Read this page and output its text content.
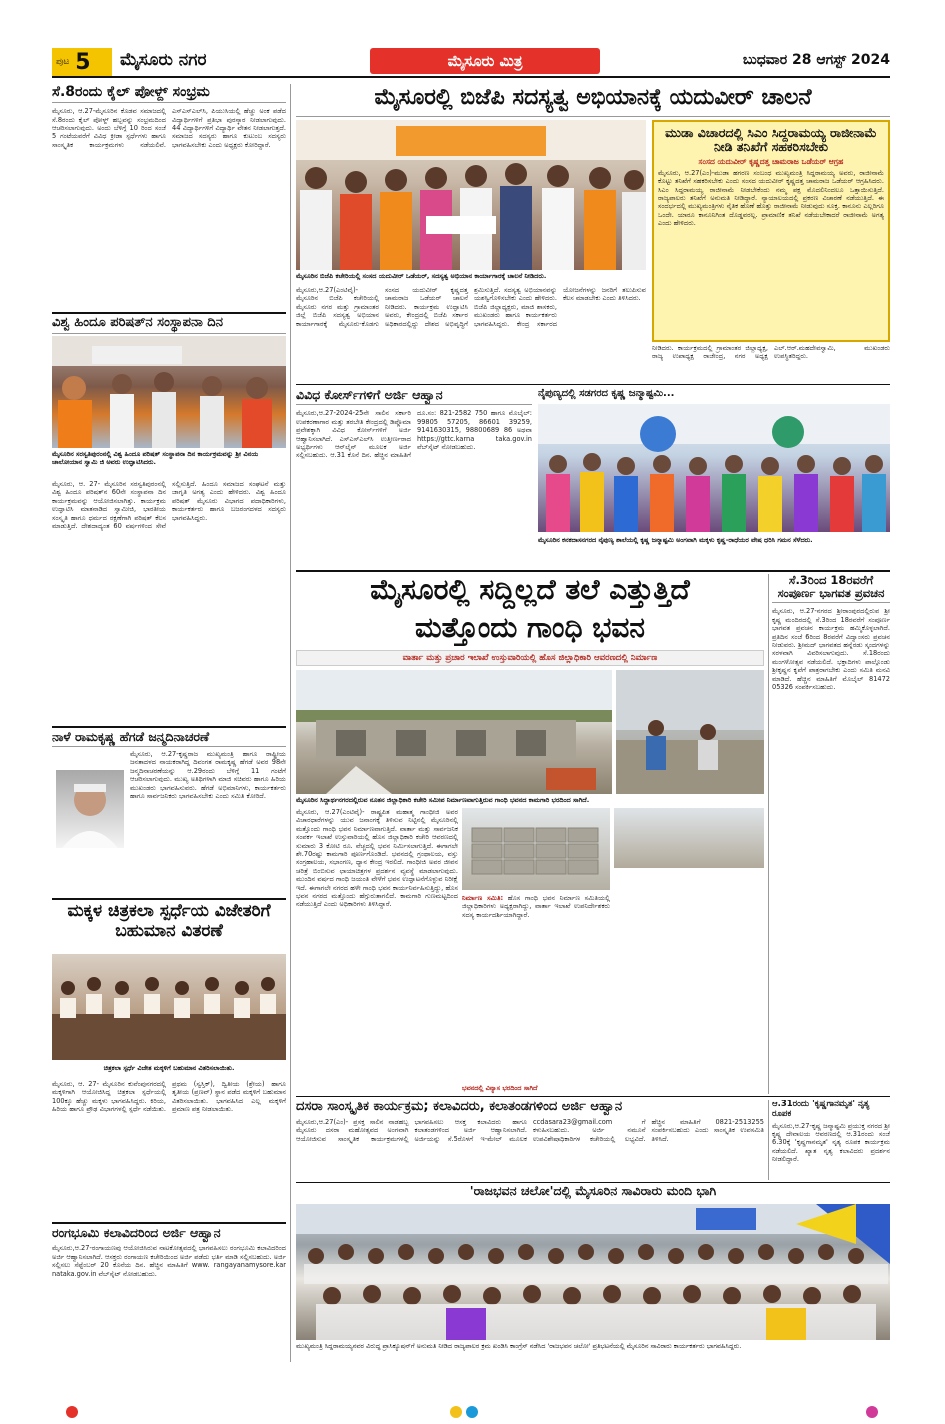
ಪುಟ 5 ಮೈಸೂರು ನಗರ	ಮೈಸೂರು ಮಿತ್ರ	ಬುಧವಾರ 28 ಆಗಸ್ಟ್ 2024
ಸೆ.8ರಂದು ಕೈಲ್ ಪೋಳ್ದ್ ಸಂಭ್ರಮ
ಮೈಸೂರು, ಆ.27-ಮೈಸೂರಿನ ಕೊಡವ ಸಮಾಜದಲ್ಲಿ ಸೆ.8ರಂದು ಕೈಲ್ ಪೋಳ್ದ್ ಹಬ್ಬವನ್ನು ಸಂಭ್ರಮದಿಂದ ಆಚರಿಸಲಾಗುವುದು. ಅಂದು ಬೆಳಿಗ್ಗೆ 10 ರಿಂದ ಸಂಜೆ 5 ಗಂಟೆಯವರೆಗೆ ವಿವಿಧ ಕ್ರೀಡಾ ಸ್ಪರ್ಧೆಗಳು ಹಾಗೂ ಸಾಂಸ್ಕೃತಿಕ ಕಾರ್ಯಕ್ರಮಗಳು ನಡೆಯಲಿವೆ. ಎಸ್ಎಸ್ಎಲ್‌ಸಿ, ಪಿಯುಸಿಯಲ್ಲಿ ಹೆಚ್ಚು ಅಂಕ ಪಡೆದ ವಿದ್ಯಾರ್ಥಿಗಳಿಗೆ ಪ್ರತಿಭಾ ಪುರಸ್ಕಾರ ನೀಡಲಾಗುವುದು. 44 ವಿದ್ಯಾರ್ಥಿಗಳಿಗೆ ವಿದ್ಯಾರ್ಥಿ ವೇತನ ನೀಡಲಾಗುತ್ತದೆ. ಸಮಾಜದ ಸದಸ್ಯರು ಹಾಗೂ ಕುಟುಂಬ ಸದಸ್ಯರು ಭಾಗವಹಿಸಬೇಕು ಎಂದು ಅಧ್ಯಕ್ಷರು ಕೋರಿದ್ದಾರೆ.
ವಿಶ್ವ ಹಿಂದೂ ಪರಿಷತ್‌ನ ಸಂಸ್ಥಾಪನಾ ದಿನ
ಮೈಸೂರಿನ ಸರಸ್ವತಿಪುರಂನಲ್ಲಿ ವಿಶ್ವ ಹಿಂದೂ ಪರಿಷತ್ ಸಂಸ್ಥಾಪನಾ ದಿನ ಕಾರ್ಯಕ್ರಮವನ್ನು ಶ್ರೀ ವಿನಯ ಚಾಲೋಯಾನ ಸ್ವಾಮಿ ಜಿ ಅವರು ಉದ್ಘಾಟಿಸಿದರು.
ಮೈಸೂರು, ಆ. 27- ಮೈಸೂರಿನ ಸರಸ್ವತಿಪುರಂನಲ್ಲಿ ವಿಶ್ವ ಹಿಂದೂ ಪರಿಷತ್‌ನ 60ನೇ ಸಂಸ್ಥಾಪನಾ ದಿನ ಕಾರ್ಯಕ್ರಮವನ್ನು ಆಯೋಜಿಸಲಾಗಿತ್ತು. ಕಾರ್ಯಕ್ರಮ ಉದ್ಘಾಟಿಸಿ ಮಾತನಾಡಿದ ಸ್ವಾಮೀಜಿ, ಭಾರತೀಯ ಸಂಸ್ಕೃತಿ ಹಾಗೂ ಧರ್ಮದ ರಕ್ಷಣೆಗಾಗಿ ಪರಿಷತ್ ಕೆಲಸ ಮಾಡುತ್ತಿದೆ. ದೇಶದಾದ್ಯಂತ 60 ವರ್ಷಗಳಿಂದ ಸೇವೆ ಸಲ್ಲಿಸುತ್ತಿದೆ. ಹಿಂದೂ ಸಮಾಜದ ಸಂಘಟನೆ ಮತ್ತು ಜಾಗೃತಿ ಅಗತ್ಯ ಎಂದು ಹೇಳಿದರು. ವಿಶ್ವ ಹಿಂದೂ ಪರಿಷತ್ ಮೈಸೂರು ವಿಭಾಗದ ಪದಾಧಿಕಾರಿಗಳು, ಕಾರ್ಯಕರ್ತರು ಹಾಗೂ ಬಜರಂಗದಳದ ಸದಸ್ಯರು ಭಾಗವಹಿಸಿದ್ದರು.
ನಾಳೆ ರಾಮಕೃಷ್ಣ ಹೆಗಡೆ ಜನ್ಮದಿನಾಚರಣೆ
ಮೈಸೂರು, ಆ.27-ಕೃಷ್ಣರಾಜ ಮುಖ್ಯಮಂತ್ರಿ ಹಾಗೂ ರಾಷ್ಟ್ರೀಯ ಜನತಾದಳದ ನಾಯಕರಾಗಿದ್ದ ದಿವಂಗತ ರಾಮಕೃಷ್ಣ ಹೆಗಡೆ ಅವರ 98ನೇ ಜನ್ಮದಿನಾಚರಣೆಯನ್ನು ಆ.29ರಂದು ಬೆಳಿಗ್ಗೆ 11 ಗಂಟೆಗೆ ಆಚರಿಸಲಾಗುವುದು. ಮುಖ್ಯ ಅತಿಥಿಗಳಾಗಿ ಮಾಜಿ ಸಚಿವರು ಹಾಗೂ ಹಿರಿಯ ಮುಖಂಡರು ಭಾಗವಹಿಸುವರು. ಹೆಗಡೆ ಅಭಿಮಾನಿಗಳು, ಕಾರ್ಯಕರ್ತರು ಹಾಗೂ ಸಾರ್ವಜನಿಕರು ಭಾಗವಹಿಸಬೇಕು ಎಂದು ಸಮಿತಿ ಕೋರಿದೆ.
ಮಕ್ಕಳ ಚಿತ್ರಕಲಾ ಸ್ಪರ್ಧೆಯ ವಿಜೇತರಿಗೆ ಬಹುಮಾನ ವಿತರಣೆ
ಚಿತ್ರಕಲಾ ಸ್ಪರ್ಧೆ ವಿಜೇತ ಮಕ್ಕಳಿಗೆ ಬಹುಮಾನ ವಿತರಿಸಲಾಯಿತು.
ಮೈಸೂರು, ಆ. 27- ಮೈಸೂರಿನ ಕುವೆಂಪುನಗರದಲ್ಲಿ ಮಕ್ಕಳಿಗಾಗಿ ಆಯೋಜಿಸಿದ್ದ ಚಿತ್ರಕಲಾ ಸ್ಪರ್ಧೆಯಲ್ಲಿ 100ಕ್ಕೂ ಹೆಚ್ಚು ಮಕ್ಕಳು ಭಾಗವಹಿಸಿದ್ದರು. ಕಿರಿಯ, ಹಿರಿಯ ಹಾಗೂ ಪ್ರೌಢ ವಿಭಾಗಗಳಲ್ಲಿ ಸ್ಪರ್ಧೆ ನಡೆಯಿತು. ಪ್ರಥಮ (ಸ್ವಸ್ತಿಕ್), ದ್ವಿತೀಯ (ಶ್ರೇಯ) ಹಾಗೂ ತೃತೀಯ (ಪ್ರಣವ್) ಸ್ಥಾನ ಪಡೆದ ಮಕ್ಕಳಿಗೆ ಬಹುಮಾನ ವಿತರಿಸಲಾಯಿತು. ಭಾಗವಹಿಸಿದ ಎಲ್ಲ ಮಕ್ಕಳಿಗೆ ಪ್ರಮಾಣ ಪತ್ರ ನೀಡಲಾಯಿತು.
ರಂಗಭೂಮಿ ಕಲಾವಿದರಿಂದ ಅರ್ಜಿ ಆಹ್ವಾನ
ಮೈಸೂರು,ಆ.27-ರಂಗಾಯಣವು ಆಯೋಜಿಸಿರುವ ನಾಟಕೋತ್ಸವದಲ್ಲಿ ಭಾಗವಹಿಸಲು ರಂಗಭೂಮಿ ಕಲಾವಿದರಿಂದ ಅರ್ಜಿ ಆಹ್ವಾನಿಸಲಾಗಿದೆ. ಆಸಕ್ತರು ರಂಗಾಯಣ ಕಚೇರಿಯಿಂದ ಅರ್ಜಿ ಪಡೆದು ಭರ್ತಿ ಮಾಡಿ ಸಲ್ಲಿಸಬಹುದು. ಅರ್ಜಿ ಸಲ್ಲಿಸಲು ಸೆಪ್ಟೆಂಬರ್ 20 ಕೊನೆಯ ದಿನ. ಹೆಚ್ಚಿನ ಮಾಹಿತಿಗೆ www. rangayanamysore.kar nataka.gov.in ವೆಬ್‌ಸೈಟ್ ನೋಡಬಹುದು.
ಮೈಸೂರಲ್ಲಿ ಬಿಜೆಪಿ ಸದಸ್ಯತ್ವ ಅಭಿಯಾನಕ್ಕೆ ಯದುವೀರ್ ಚಾಲನೆ
ಮೈಸೂರಿನ ಬಿಜೆಪಿ ಕಚೇರಿಯಲ್ಲಿ ಸಂಸದ ಯದುವೀರ್ ಒಡೆಯರ್, ಸದಸ್ಯತ್ವ ಅಭಿಯಾನ ಕಾರ್ಯಾಗಾರಕ್ಕೆ ಚಾಲನೆ ನೀಡಿದರು.
ಮೈಸೂರು,ಆ.27(ಎಂಟಿವೈ)-ಮೈಸೂರಿನ ಬಿಜೆಪಿ ಕಚೇರಿಯಲ್ಲಿ ಮೈಸೂರು ನಗರ ಮತ್ತು ಗ್ರಾಮಾಂತರ ಜಿಲ್ಲೆ ಬಿಜೆಪಿ ಸದಸ್ಯತ್ವ ಅಭಿಯಾನ ಕಾರ್ಯಾಗಾರಕ್ಕೆ ಮೈಸೂರು-ಕೊಡಗು ಸಂಸದ ಯದುವೀರ್ ಕೃಷ್ಣದತ್ತ ಚಾಮರಾಜ ಒಡೆಯರ್ ಚಾಲನೆ ನೀಡಿದರು. ಕಾರ್ಯಕ್ರಮ ಉದ್ಘಾಟಿಸಿ ಅವರು, ಕೇಂದ್ರದಲ್ಲಿ ಬಿಜೆಪಿ ಸರ್ಕಾರ ಅಧಿಕಾರದಲ್ಲಿದ್ದು ದೇಶದ ಅಭಿವೃದ್ಧಿಗೆ ಶ್ರಮಿಸುತ್ತಿದೆ. ಸದಸ್ಯತ್ವ ಅಭಿಯಾನವನ್ನು ಯಶಸ್ವಿಗೊಳಿಸಬೇಕು ಎಂದು ಹೇಳಿದರು. ಬಿಜೆಪಿ ಜಿಲ್ಲಾಧ್ಯಕ್ಷರು, ಮಾಜಿ ಶಾಸಕರು, ಮುಖಂಡರು ಹಾಗೂ ಕಾರ್ಯಕರ್ತರು ಭಾಗವಹಿಸಿದ್ದರು. ಕೇಂದ್ರ ಸರ್ಕಾರದ ಯೋಜನೆಗಳನ್ನು ಜನರಿಗೆ ತಲುಪಿಸುವ ಕೆಲಸ ಮಾಡಬೇಕು ಎಂದು ತಿಳಿಸಿದರು.
ಮುಡಾ ವಿಚಾರದಲ್ಲಿ ಸಿಎಂ ಸಿದ್ದರಾಮಯ್ಯ ರಾಜೀನಾಮೆ ನೀಡಿ ತನಿಖೆಗೆ ಸಹಕರಿಸಬೇಕು
ಸಂಸದ ಯದುವೀರ್ ಕೃಷ್ಣದತ್ತ ಚಾಮರಾಜ ಒಡೆಯರ್ ಆಗ್ರಹ
ಮೈಸೂರು, ಆ.27(ಎಂ)-ಮುಡಾ ಹಗರಣ ಸಂಬಂಧ ಮುಖ್ಯಮಂತ್ರಿ ಸಿದ್ದರಾಮಯ್ಯ ಅವರು, ರಾಜೀನಾಮೆ ಕೊಟ್ಟು ತನಿಖೆಗೆ ಸಹಕರಿಸಬೇಕು ಎಂದು ಸಂಸದ ಯದುವೀರ್ ಕೃಷ್ಣದತ್ತ ಚಾಮರಾಜ ಒಡೆಯರ್ ಆಗ್ರಹಿಸಿದರು. ಸಿಎಂ ಸಿದ್ದರಾಮಯ್ಯ ರಾಜೀನಾಮೆ ನೀಡಬೇಕೆಂದು ನಮ್ಮ ಪಕ್ಷ ಮೊದಲಿನಿಂದಲೂ ಒತ್ತಾಯಿಸುತ್ತಿದೆ. ರಾಜ್ಯಪಾಲರು ತನಿಖೆಗೆ ಅನುಮತಿ ನೀಡಿದ್ದಾರೆ. ನ್ಯಾಯಾಲಯದಲ್ಲಿ ಪ್ರಕರಣ ವಿಚಾರಣೆ ನಡೆಯುತ್ತಿದೆ. ಈ ಸಂದರ್ಭದಲ್ಲಿ ಮುಖ್ಯಮಂತ್ರಿಗಳು ನೈತಿಕ ಹೊಣೆ ಹೊತ್ತು ರಾಜೀನಾಮೆ ನೀಡುವುದು ಸೂಕ್ತ. ಕಾನೂನು ಎಲ್ಲರಿಗೂ ಒಂದೇ. ಯಾರೂ ಕಾನೂನಿಗಿಂತ ದೊಡ್ಡವರಲ್ಲ. ಪ್ರಾಮಾಣಿಕ ತನಿಖೆ ನಡೆಯಬೇಕಾದರೆ ರಾಜೀನಾಮೆ ಅಗತ್ಯ ಎಂದು ಹೇಳಿದರು.
ನೀಡಿದರು. ಕಾರ್ಯಕ್ರಮದಲ್ಲಿ ಗ್ರಾಮಾಂತರ ಜಿಲ್ಲಾಧ್ಯಕ್ಷ, ರಾಜ್ಯ ಉಪಾಧ್ಯಕ್ಷ ರಾಜೇಂದ್ರ, ನಗರ ಅಧ್ಯಕ್ಷ ಎಲ್.ಆರ್.ಮಹದೇವಸ್ವಾಮಿ, ಮುಖಂಡರು ಉಪಸ್ಥಿತರಿದ್ದರು.
ವಿವಿಧ ಕೋರ್ಸ್‌ಗಳಿಗೆ ಅರ್ಜಿ ಆಹ್ವಾನ
ಮೈಸೂರು,ಆ.27-2024-25ನೇ ಸಾಲಿನ ಸರ್ಕಾರಿ ಉಪಕರಣಾಗಾರ ಮತ್ತು ತರಬೇತಿ ಕೇಂದ್ರದಲ್ಲಿ ಡಿಪ್ಲೊಮಾ ಪ್ರವೇಶಕ್ಕಾಗಿ ವಿವಿಧ ಕೋರ್ಸ್‌ಗಳಿಗೆ ಅರ್ಜಿ ಆಹ್ವಾನಿಸಲಾಗಿದೆ. ಎಸ್ಎಸ್ಎಲ್‌ಸಿ ಉತ್ತೀರ್ಣರಾದ ಅಭ್ಯರ್ಥಿಗಳು ಆನ್‌ಲೈನ್ ಮೂಲಕ ಅರ್ಜಿ ಸಲ್ಲಿಸಬಹುದು. ಆ.31 ಕೊನೆ ದಿನ. ಹೆಚ್ಚಿನ ಮಾಹಿತಿಗೆ ದೂ.ಸಂ: 821-2582 750 ಹಾಗೂ ಮೊಬೈಲ್: 99805 57205, 86601 39259, 9141630315, 98800689 86 ಅಥವಾ https://gttc.karna taka.gov.in ವೆಬ್‌ಸೈಟ್ ನೋಡಬಹುದು.
ನೈಪುಣ್ಯದಲ್ಲಿ ಸಡಗರದ ಕೃಷ್ಣ ಜನ್ಮಾಷ್ಟಮಿ...
ಮೈಸೂರಿನ ಕನಕದಾಸನಗರದ ನೈಪುಣ್ಯ ಶಾಲೆಯಲ್ಲಿ ಕೃಷ್ಣ ಜನ್ಮಾಷ್ಟಮಿ ಅಂಗವಾಗಿ ಮಕ್ಕಳು ಕೃಷ್ಣ-ರಾಧೆಯರ ವೇಷ ಧರಿಸಿ ಗಮನ ಸೆಳೆದರು.
ಮೈಸೂರಲ್ಲಿ ಸದ್ದಿಲ್ಲದೆ ತಲೆ ಎತ್ತುತ್ತಿದೆ
ಮತ್ತೊಂದು ಗಾಂಧಿ ಭವನ
ವಾರ್ತಾ ಮತ್ತು ಪ್ರಚಾರ ಇಲಾಖೆ ಉಸ್ತುವಾರಿಯಲ್ಲಿ ಹೊಸ ಜಿಲ್ಲಾಧಿಕಾರಿ ಆವರಣದಲ್ಲಿ ನಿರ್ಮಾಣ
ಮೈಸೂರಿನ ಸಿದ್ದಾರ್ಥನಗರದಲ್ಲಿರುವ ನೂತನ ಜಿಲ್ಲಾಧಿಕಾರಿ ಕಚೇರಿ ಸಮೀಪ ನಿರ್ಮಾಣವಾಗುತ್ತಿರುವ ಗಾಂಧಿ ಭವನದ ಕಾಮಗಾರಿ ಭರದಿಂದ ಸಾಗಿದೆ.

ಮೈಸೂರು, ಆ.27(ಎಂಟಿವೈ)- ರಾಷ್ಟ್ರಪಿತ ಮಹಾತ್ಮ ಗಾಂಧೀಜಿ ಅವರ ವಿಚಾರಧಾರೆಗಳನ್ನು ಯುವ ಜನಾಂಗಕ್ಕೆ ತಿಳಿಸುವ ನಿಟ್ಟಿನಲ್ಲಿ ಮೈಸೂರಿನಲ್ಲಿ ಮತ್ತೊಂದು ಗಾಂಧಿ ಭವನ ನಿರ್ಮಾಣವಾಗುತ್ತಿದೆ. ವಾರ್ತಾ ಮತ್ತು ಸಾರ್ವಜನಿಕ ಸಂಪರ್ಕ ಇಲಾಖೆ ಉಸ್ತುವಾರಿಯಲ್ಲಿ ಹೊಸ ಜಿಲ್ಲಾಧಿಕಾರಿ ಕಚೇರಿ ಆವರಣದಲ್ಲಿ ಸುಮಾರು 3 ಕೋಟಿ ರೂ. ವೆಚ್ಚದಲ್ಲಿ ಭವನ ನಿರ್ಮಿಸಲಾಗುತ್ತಿದೆ. ಈಗಾಗಲೇ ಶೇ.70ರಷ್ಟು ಕಾಮಗಾರಿ ಪೂರ್ಣಗೊಂಡಿದೆ. ಭವನದಲ್ಲಿ ಗ್ರಂಥಾಲಯ, ವಸ್ತು ಸಂಗ್ರಹಾಲಯ, ಸಭಾಂಗಣ, ಧ್ಯಾನ ಕೇಂದ್ರ ಇರಲಿದೆ. ಗಾಂಧೀಜಿ ಅವರ ಜೀವನ ಚರಿತ್ರೆ ಬಿಂಬಿಸುವ ಛಾಯಾಚಿತ್ರಗಳ ಪ್ರದರ್ಶನ ವ್ಯವಸ್ಥೆ ಮಾಡಲಾಗುವುದು. ಮುಂದಿನ ವರ್ಷದ ಗಾಂಧಿ ಜಯಂತಿ ವೇಳೆಗೆ ಭವನ ಉದ್ಘಾಟನೆಗೊಳ್ಳುವ ನಿರೀಕ್ಷೆ ಇದೆ. ಈಗಾಗಲೇ ನಗರದ ಹಳೇ ಗಾಂಧಿ ಭವನ ಕಾರ್ಯನಿರ್ವಹಿಸುತ್ತಿದ್ದು, ಹೊಸ ಭವನ ನಗರದ ಮತ್ತೊಂದು ಹೆಗ್ಗುರುತಾಗಲಿದೆ. ಕಾಮಗಾರಿ ಗುಣಮಟ್ಟದಿಂದ ನಡೆಯುತ್ತಿದೆ ಎಂದು ಅಧಿಕಾರಿಗಳು ತಿಳಿಸಿದ್ದಾರೆ.

ನಿರ್ಮಾಣ ಸಮಿತಿ: ಹೊಸ ಗಾಂಧಿ ಭವನ ನಿರ್ಮಾಣ ಸಮಿತಿಯಲ್ಲಿ ಜಿಲ್ಲಾಧಿಕಾರಿಗಳು ಅಧ್ಯಕ್ಷರಾಗಿದ್ದು, ವಾರ್ತಾ ಇಲಾಖೆ ಉಪನಿರ್ದೇಶಕರು ಸದಸ್ಯ ಕಾರ್ಯದರ್ಶಿಯಾಗಿದ್ದಾರೆ.
ಭವನದಲ್ಲಿ ವಿನ್ಯಾಸ ಭರದಿಂದ ಸಾಗಿದೆ
ಸೆ.3ರಿಂದ 18ರವರೆಗೆ ಸಂಪೂರ್ಣ ಭಾಗವತ ಪ್ರವಚನ
ಮೈಸೂರು, ಆ.27-ನಗರದ ಶ್ರೀರಾಂಪುರದಲ್ಲಿರುವ ಶ್ರೀ ಕೃಷ್ಣ ಮಂದಿರದಲ್ಲಿ ಸೆ.3ರಿಂದ 18ರವರೆಗೆ ಸಂಪೂರ್ಣ ಭಾಗವತ ಪ್ರವಚನ ಕಾರ್ಯಕ್ರಮ ಹಮ್ಮಿಕೊಳ್ಳಲಾಗಿದೆ. ಪ್ರತಿದಿನ ಸಂಜೆ 6ರಿಂದ 8ರವರೆಗೆ ವಿದ್ವಾಂಸರು ಪ್ರವಚನ ನೀಡುವರು. ಶ್ರೀಮದ್ ಭಾಗವತದ ಹನ್ನೆರಡು ಸ್ಕಂದಗಳನ್ನು ಸರಳವಾಗಿ ವಿವರಿಸಲಾಗುವುದು. ಸೆ.18ರಂದು ಮಂಗಳೋತ್ಸವ ನಡೆಯಲಿದೆ. ಭಕ್ತಾದಿಗಳು ಪಾಲ್ಗೊಂಡು ಶ್ರೀಕೃಷ್ಣನ ಕೃಪೆಗೆ ಪಾತ್ರರಾಗಬೇಕು ಎಂದು ಸಮಿತಿ ಮನವಿ ಮಾಡಿದೆ. ಹೆಚ್ಚಿನ ಮಾಹಿತಿಗೆ ಮೊಬೈಲ್ 81472 05326 ಸಂಪರ್ಕಿಸಬಹುದು.
ದಸರಾ ಸಾಂಸ್ಕೃತಿಕ ಕಾರ್ಯಕ್ರಮ; ಕಲಾವಿದರು, ಕಲಾತಂಡಗಳಿಂದ ಅರ್ಜಿ ಆಹ್ವಾನ
ಮೈಸೂರು,ಆ.27(ಎಂ)- ಪ್ರಸಕ್ತ ಸಾಲಿನ ನಾಡಹಬ್ಬ ಮೈಸೂರು ದಸರಾ ಮಹೋತ್ಸವದ ಅಂಗವಾಗಿ ಆಯೋಜಿಸುವ ಸಾಂಸ್ಕೃತಿಕ ಕಾರ್ಯಕ್ರಮಗಳಲ್ಲಿ ಭಾಗವಹಿಸಲು ಆಸಕ್ತ ಕಲಾವಿದರು ಹಾಗೂ ಕಲಾತಂಡಗಳಿಂದ ಅರ್ಜಿ ಆಹ್ವಾನಿಸಲಾಗಿದೆ. ಅರ್ಜಿಯನ್ನು ಸೆ.5ರೊಳಗೆ ಇ-ಮೇಲ್ ಮೂಲಕ ccdasara23@gmail.com ಗೆ ಕಳುಹಿಸಬಹುದು. ಅರ್ಜಿ ನಮೂನೆ ಉಪವಿಶೇಷಾಧಿಕಾರಿಗಳ ಕಚೇರಿಯಲ್ಲಿ ಲಭ್ಯವಿದೆ. ಹೆಚ್ಚಿನ ಮಾಹಿತಿಗೆ 0821-2513255 ಸಂಪರ್ಕಿಸಬಹುದು ಎಂದು ಸಾಂಸ್ಕೃತಿಕ ಉಪಸಮಿತಿ ತಿಳಿಸಿದೆ.
ಆ.31ರಂದು 'ಕೃಷ್ಣಗಾನಮೃತ' ನೃತ್ಯ ರೂಪಕ
ಮೈಸೂರು,ಆ.27-ಕೃಷ್ಣ ಜನ್ಮಾಷ್ಟಮಿ ಪ್ರಯುಕ್ತ ನಗರದ ಶ್ರೀ ಕೃಷ್ಣ ದೇವಾಲಯ ಆವರಣದಲ್ಲಿ ಆ.31ರಂದು ಸಂಜೆ 6.30ಕ್ಕೆ 'ಕೃಷ್ಣಗಾನಮೃತ' ನೃತ್ಯ ರೂಪಕ ಕಾರ್ಯಕ್ರಮ ನಡೆಯಲಿದೆ. ಖ್ಯಾತ ನೃತ್ಯ ಕಲಾವಿದರು ಪ್ರದರ್ಶನ ನೀಡಲಿದ್ದಾರೆ.
'ರಾಜಭವನ ಚಲೋ'ದಲ್ಲಿ ಮೈಸೂರಿನ ಸಾವಿರಾರು ಮಂದಿ ಭಾಗಿ
ಮುಖ್ಯಮಂತ್ರಿ ಸಿದ್ದರಾಮಯ್ಯನವರ ವಿರುದ್ಧ ಪ್ರಾಸಿಕ್ಯೂಷನ್‌ಗೆ ಅನುಮತಿ ನೀಡಿದ ರಾಜ್ಯಪಾಲರ ಕ್ರಮ ಖಂಡಿಸಿ ಕಾಂಗ್ರೆಸ್ ನಡೆಸಿದ 'ರಾಜಭವನ ಚಲೋ' ಪ್ರತಿಭಟನೆಯಲ್ಲಿ ಮೈಸೂರಿನ ಸಾವಿರಾರು ಕಾರ್ಯಕರ್ತರು ಭಾಗವಹಿಸಿದ್ದರು.
